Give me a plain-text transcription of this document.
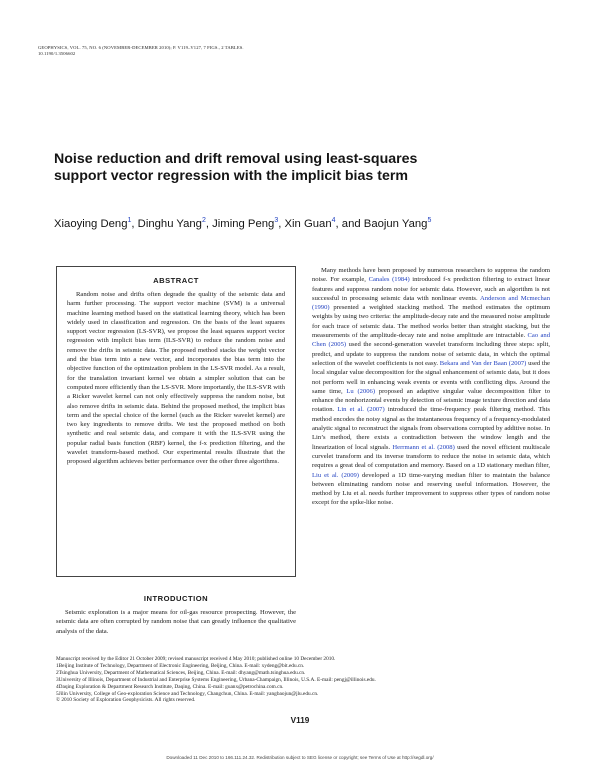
GEOPHYSICS, VOL. 75, NO. 6 (NOVEMBER-DECEMBER 2010); P. V119–V127, 7 FIGS., 2 TABLES.
10.1190/1.3506602
Noise reduction and drift removal using least-squares support vector regression with the implicit bias term
Xiaoying Deng$^1$, Dinghu Yang$^2$, Jiming Peng$^3$, Xin Guan$^4$, and Baojun Yang$^5$
ABSTRACT
Random noise and drifts often degrade the quality of the seismic data and harm further processing. The support vector machine (SVM) is a universal machine learning method based on the statistical learning theory, which has been widely used in classification and regression. On the basis of the least squares support vector regression (LS-SVR), we propose the least squares support vector regression with implicit bias term (ILS-SVR) to reduce the random noise and remove the drifts in seismic data. The proposed method stacks the weight vector and the bias term into a new vector, and incorporates the bias term into the objective function of the optimization problem in the LS-SVR model. As a result, for the translation invariant kernel we obtain a simpler solution that can be computed more efficiently than the LS-SVR. More importantly, the ILS-SVR with a Ricker wavelet kernel can not only effectively suppress the random noise, but also remove drifts in seismic data. Behind the proposed method, the implicit bias term and the special choice of the kernel (such as the Ricker wavelet kernel) are two key ingredients to remove drifts. We test the proposed method on both synthetic and real seismic data, and compare it with the ILS-SVR using the popular radial basis function (RBF) kernel, the f-x prediction filtering, and the wavelet transform-based method. Our experimental results illustrate that the proposed algorithm achieves better performance over the other three algorithms.
INTRODUCTION
Seismic exploration is a major means for oil-gas resource prospecting. However, the seismic data are often corrupted by random noise that can greatly influence the qualitative analysis of the data.
Many methods have been proposed by numerous researchers to suppress the random noise. For example, Canales (1984) introduced f-x prediction filtering to extract linear features and suppress random noise for seismic data. However, such an algorithm is not successful in processing seismic data with nonlinear events. Anderson and Mcmechan (1990) presented a weighted stacking method. The method estimates the optimum weights by using two criteria: the amplitude-decay rate and the measured noise amplitude for each trace of seismic data. The method works better than straight stacking, but the measurements of the amplitude-decay rate and noise amplitude are intractable. Cao and Chen (2005) used the second-generation wavelet transform including three steps: split, predict, and update to suppress the random noise of seismic data, in which the optimal selection of the wavelet coefficients is not easy. Bekara and Van der Baan (2007) used the local singular value decomposition for the signal enhancement of seismic data, but it does not perform well in enhancing weak events or events with conflicting dips. Around the same time, Lu (2006) proposed an adaptive singular value decomposition filter to enhance the nonhorizontal events by detection of seismic image texture direction and data rotation. Lin et al. (2007) introduced the time-frequency peak filtering method. This method encodes the noisy signal as the instantaneous frequency of a frequency-modulated analytic signal to reconstruct the signals from observations corrupted by additive noise. In Lin’s method, there exists a contradiction between the window length and the linearization of local signals. Herrmann et al. (2008) used the novel efficient multiscale curvelet transform and its inverse transform to reduce the noise in seismic data, which requires a great deal of computation and memory. Based on a 1D stationary median filter, Liu et al. (2009) developed a 1D time-varying median filter to maintain the balance between eliminating random noise and reserving useful information. However, the method by Liu et al. needs further improvement to suppress other types of random noise except for the spike-like noise.
Manuscript received by the Editor 21 October 2009; revised manuscript received 4 May 2010; published online 10 December 2010.
1Beijing Institute of Technology, Department of Electronic Engineering, Beijing, China. E-mail: xydeng@bit.edu.cn.
2Tsinghua University, Department of Mathematical Sciences, Beijing, China. E-mail: dhyang@math.tsinghua.edu.cn.
3University of Illinois, Department of Industrial and Enterprise Systems Engineering, Urbana-Champaign, Illinois, U.S.A. E-mail: pengj@illinois.edu.
4Daqing Exploration & Department Research Institute, Daqing, China. E-mail: guanx@petrochina.com.cn.
5Jilin University, College of Geo-exploration Science and Technology, Changchun, China. E-mail: yangbaojun@jlu.edu.cn.
© 2010 Society of Exploration Geophysicists. All rights reserved.
V119
Downloaded 11 Dec 2010 to 166.111.24.32. Redistribution subject to SEG license or copyright; see Terms of Use at http://segdl.org/
